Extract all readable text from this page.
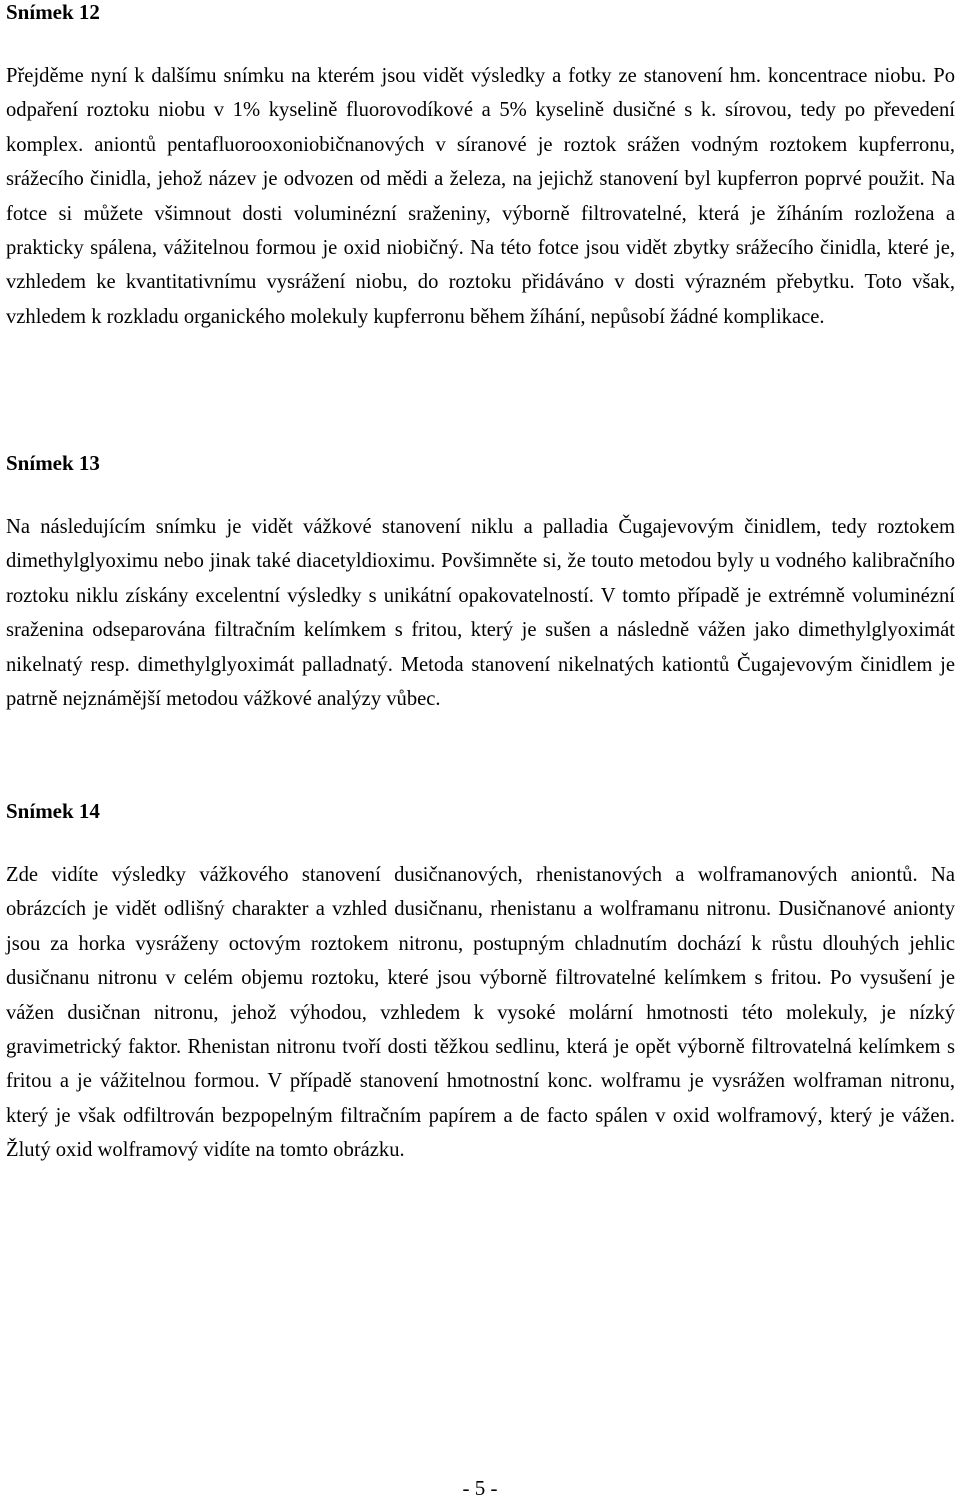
Snímek 12

Přejděme nyní k dalšímu snímku na kterém jsou vidět výsledky a fotky ze stanovení hm. koncentrace niobu. Po odpaření roztoku niobu v 1% kyselině fluorovodíkové a 5% kyselině dusičné s k. sírovou, tedy po převedení komplex. aniontů pentafluorooxoniobičnanových v síranové je roztok srážen vodným roztokem kupferronu, srážecího činidla, jehož název je odvozen od mědi a železa, na jejichž stanovení byl kupferron poprvé použit. Na fotce si můžete všimnout dosti voluminézní sraženiny, výborně filtrovatelné, která je žíháním rozložena a prakticky spálena, vážitelnou formou je oxid niobičný. Na této fotce jsou vidět zbytky srážecího činidla, které je, vzhledem ke kvantitativnímu vysrážení niobu, do roztoku přidáváno v dosti výrazném přebytku. Toto však, vzhledem k rozkladu organického molekuly kupferronu během žíhání, nepůsobí žádné komplikace.

Snímek 13

Na následujícím snímku je vidět vážkové stanovení niklu a palladia Čugajevovým činidlem, tedy roztokem dimethylglyoximu nebo jinak také diacetyldioximu. Povšimněte si, že touto metodou byly u vodného kalibračního roztoku niklu získány excelentní výsledky s unikátní opakovatelností. V tomto případě je extrémně voluminézní sraženina odseparována filtračním kelímkem s fritou, který je sušen a následně vážen jako dimethylglyoximát nikelnatý resp. dimethylglyoximát palladnatý. Metoda stanovení nikelnatých kationtů Čugajevovým činidlem je patrně nejznámější metodou vážkové analýzy vůbec.

Snímek 14

Zde vidíte výsledky vážkového stanovení dusičnanových, rhenistanových a wolframanových aniontů. Na obrázcích je vidět odlišný charakter a vzhled dusičnanu, rhenistanu a wolframanu nitronu. Dusičnanové anionty jsou za horka vysráženy octovým roztokem nitronu, postupným chladnutím dochází k růstu dlouhých jehlic dusičnanu nitronu v celém objemu roztoku, které jsou výborně filtrovatelné kelímkem s fritou. Po vysušení je vážen dusičnan nitronu, jehož výhodou, vzhledem k vysoké molární hmotnosti této molekuly, je nízký gravimetrický faktor. Rhenistan nitronu tvoří dosti těžkou sedlinu, která je opět výborně filtrovatelná kelímkem s fritou a je vážitelnou formou. V případě stanovení hmotnostní konc. wolframu je vysrážen wolframan nitronu, který je však odfiltrován bezpopelným filtračním papírem a de facto spálen v oxid wolframový, který je vážen. Žlutý oxid wolframový vidíte na tomto obrázku.

- 5 -
